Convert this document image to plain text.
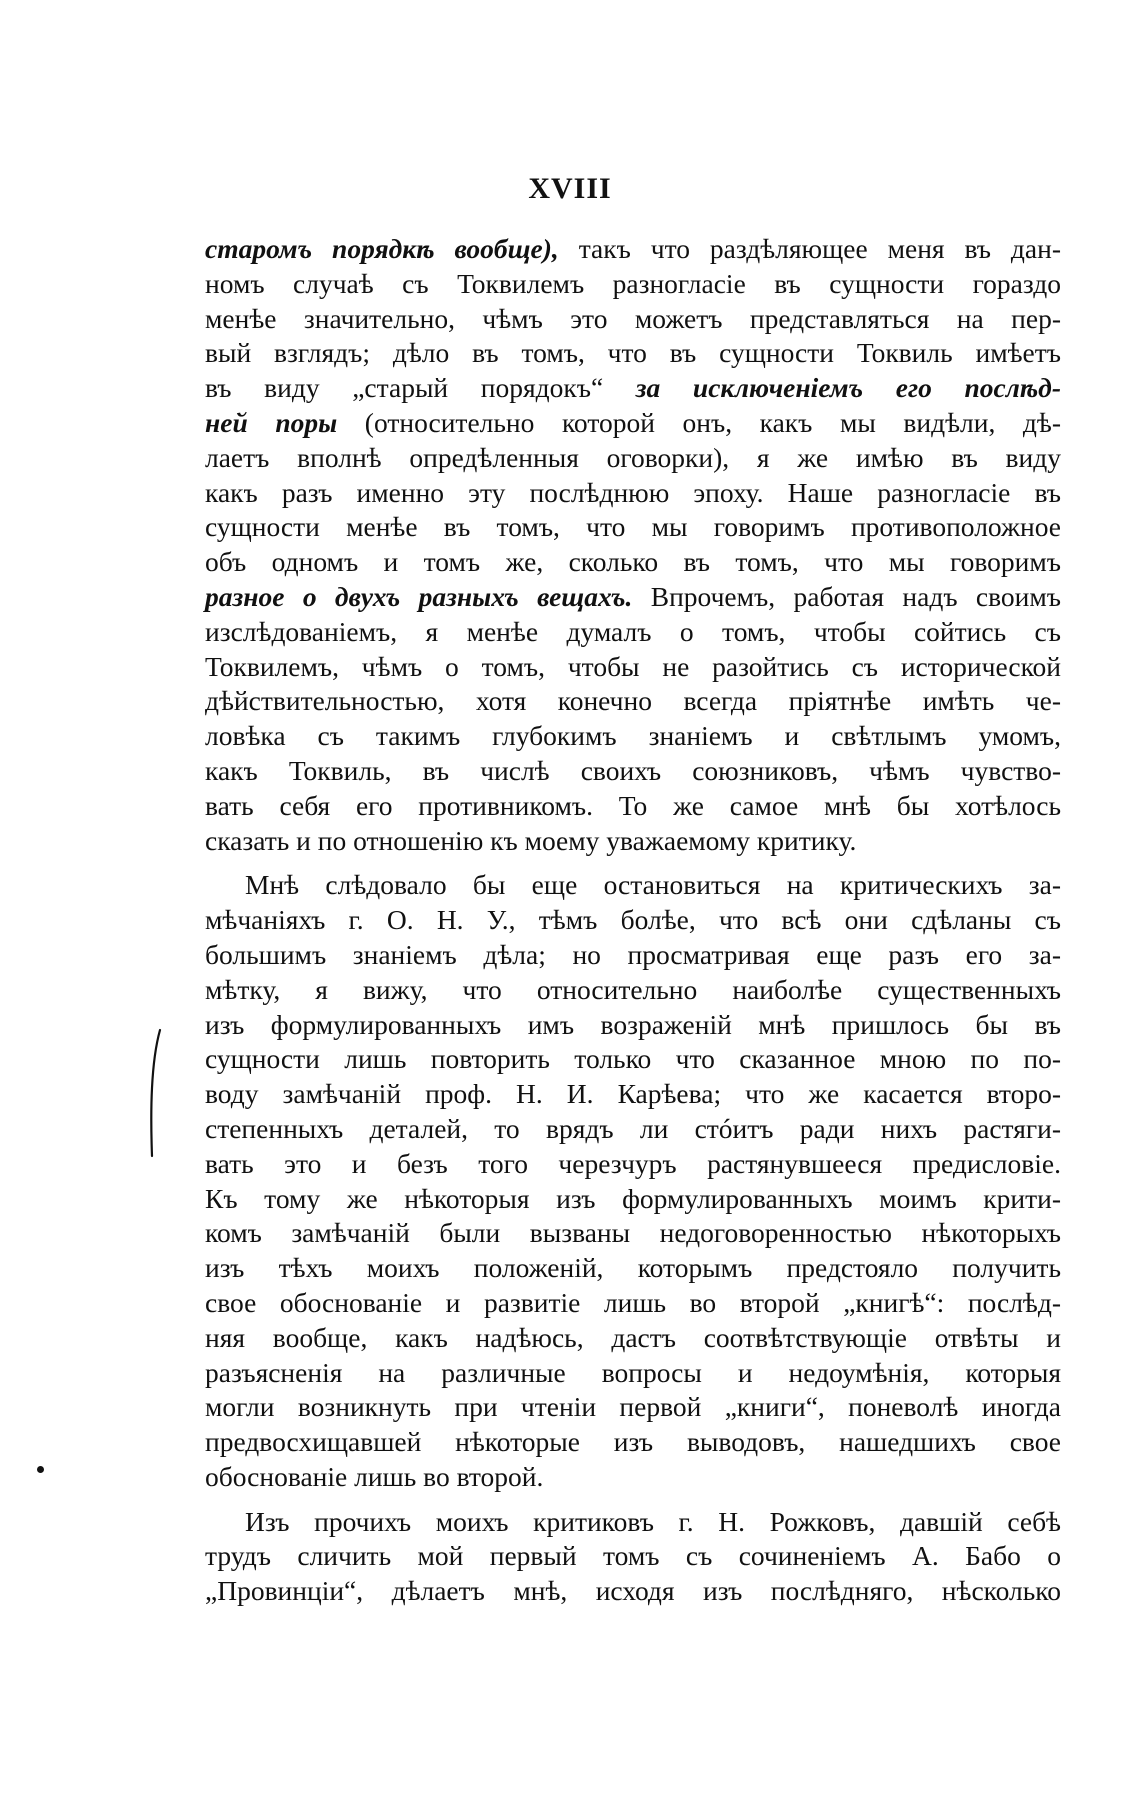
XVIII
старомъ порядкѣ вообще), такъ что раздѣляющее меня въ дан-
номъ случаѣ съ Токвилемъ разногласіе въ сущности гораздо
менѣе значительно, чѣмъ это можетъ представляться на пер-
вый взглядъ; дѣло въ томъ, что въ сущности Токвиль имѣетъ
въ виду „старый порядокъ“ за исключеніемъ его послѣд-
ней поры (относительно которой онъ, какъ мы видѣли, дѣ-
лаетъ вполнѣ опредѣленныя оговорки), я же имѣю въ виду
какъ разъ именно эту послѣднюю эпоху. Наше разногласіе въ
сущности менѣе въ томъ, что мы говоримъ противоположное
объ одномъ и томъ же, сколько въ томъ, что мы говоримъ
разное о двухъ разныхъ вещахъ. Впрочемъ, работая надъ своимъ
изслѣдованіемъ, я менѣе думалъ о томъ, чтобы сойтись съ
Токвилемъ, чѣмъ о томъ, чтобы не разойтись съ исторической
дѣйствительностью, хотя конечно всегда пріятнѣе имѣть че-
ловѣка съ такимъ глубокимъ знаніемъ и свѣтлымъ умомъ,
какъ Токвиль, въ числѣ своихъ союзниковъ, чѣмъ чувство-
вать себя его противникомъ. То же самое мнѣ бы хотѣлось
сказать и по отношенію къ моему уважаемому критику.
Мнѣ слѣдовало бы еще остановиться на критическихъ за-
мѣчаніяхъ г. О. Н. У., тѣмъ болѣе, что всѣ они сдѣланы съ
большимъ знаніемъ дѣла; но просматривая еще разъ его за-
мѣтку, я вижу, что относительно наиболѣе существенныхъ
изъ формулированныхъ имъ возраженій мнѣ пришлось бы въ
сущности лишь повторить только что сказанное мною по по-
воду замѣчаній проф. Н. И. Карѣева; что же касается второ-
степенныхъ деталей, то врядъ ли стóитъ ради нихъ растяги-
вать это и безъ того черезчуръ растянувшееся предисловіе.
Къ тому же нѣкоторыя изъ формулированныхъ моимъ крити-
комъ замѣчаній были вызваны недоговоренностью нѣкоторыхъ
изъ тѣхъ моихъ положеній, которымъ предстояло получить
свое обоснованіе и развитіе лишь во второй „книгѣ“: послѣд-
няя вообще, какъ надѣюсь, дастъ соотвѣтствующіе отвѣты и
разъясненія на различные вопросы и недоумѣнія, которыя
могли возникнуть при чтеніи первой „книги“, поневолѣ иногда
предвосхищавшей нѣкоторые изъ выводовъ, нашедшихъ свое
обоснованіе лишь во второй.
Изъ прочихъ моихъ критиковъ г. Н. Рожковъ, давшій себѣ
трудъ сличить мой первый томъ съ сочиненіемъ А. Бабо о
„Провинціи“, дѣлаетъ мнѣ, исходя изъ послѣдняго, нѣсколько
